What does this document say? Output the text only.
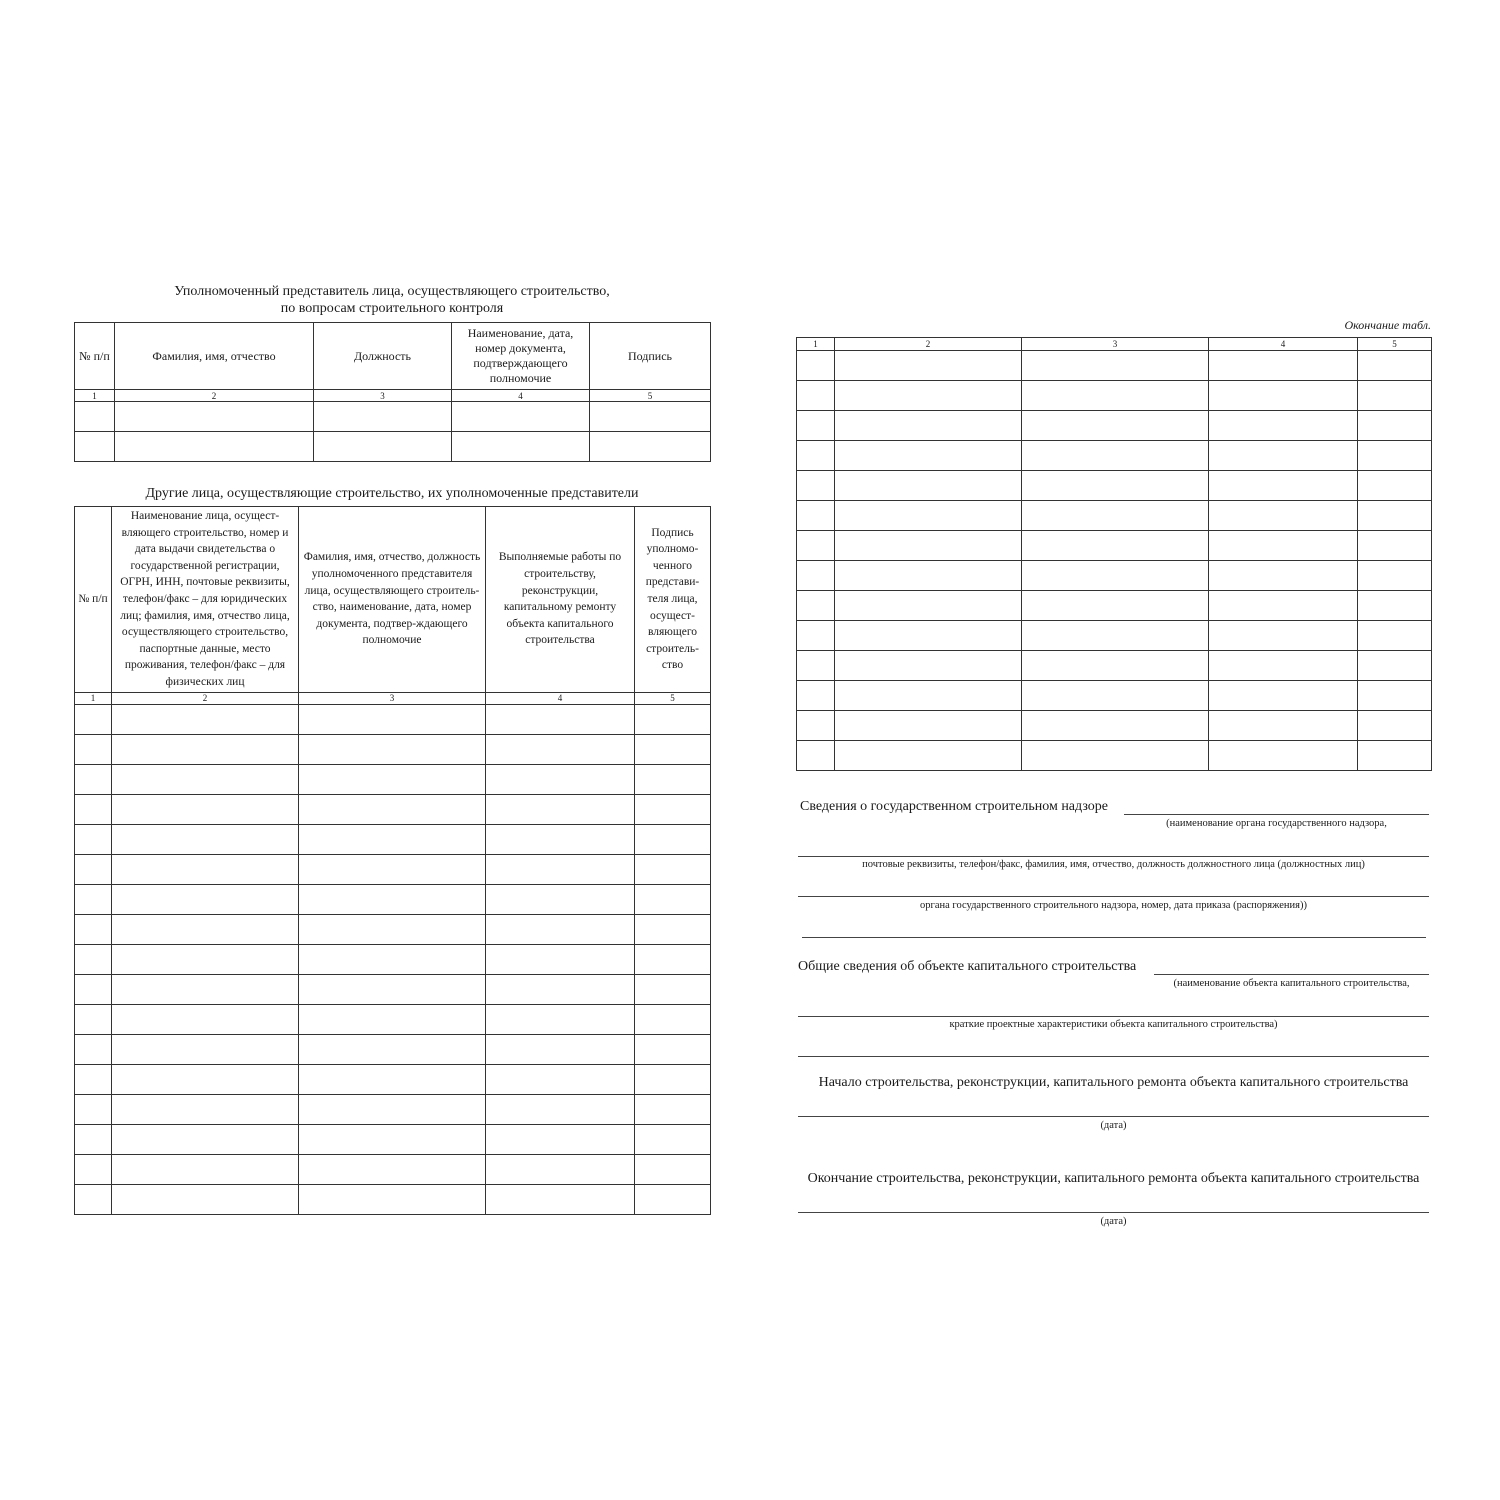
Уполномоченный представитель лица, осуществляющего строительство,
по вопросам строительного контроля
№ п/п	Фамилия, имя, отчество	Должность	Наименование, дата, номер документа, подтверждающего полномочие	Подпись
1	2	3	4	5

Другие лица, осуществляющие строительство, их уполномоченные представители
№ п/п	Наименование лица, осущест-вляющего строительство, номер и дата выдачи свидетельства о государственной регистрации, ОГРН, ИНН, почтовые реквизиты, телефон/факс – для юридических лиц; фамилия, имя, отчество лица, осуществляющего строительство, паспортные данные, место проживания, телефон/факс – для физических лиц	Фамилия, имя, отчество, должность уполномоченного представителя лица, осуществляющего строитель-ство, наименование, дата, номер документа, подтвер-ждающего полномочие	Выполняемые работы по строительству, реконструкции, капитальному ремонту объекта капитального строительства	Подпись уполномо-ченного представи-теля лица, осущест-вляющего строитель-ство
1	2	3	4	5

Окончание табл.
1	2	3	4	5

Сведения о государственном строительном надзоре
(наименование органа государственного надзора,
почтовые реквизиты, телефон/факс, фамилия, имя, отчество, должность должностного лица (должностных лиц)
органа государственного строительного надзора, номер, дата приказа (распоряжения))
Общие сведения об объекте капитального строительства
(наименование объекта капитального строительства,
краткие проектные характеристики объекта капитального строительства)
Начало строительства, реконструкции, капитального ремонта объекта капитального строительства
(дата)
Окончание строительства, реконструкции, капитального ремонта объекта капитального строительства
(дата)
